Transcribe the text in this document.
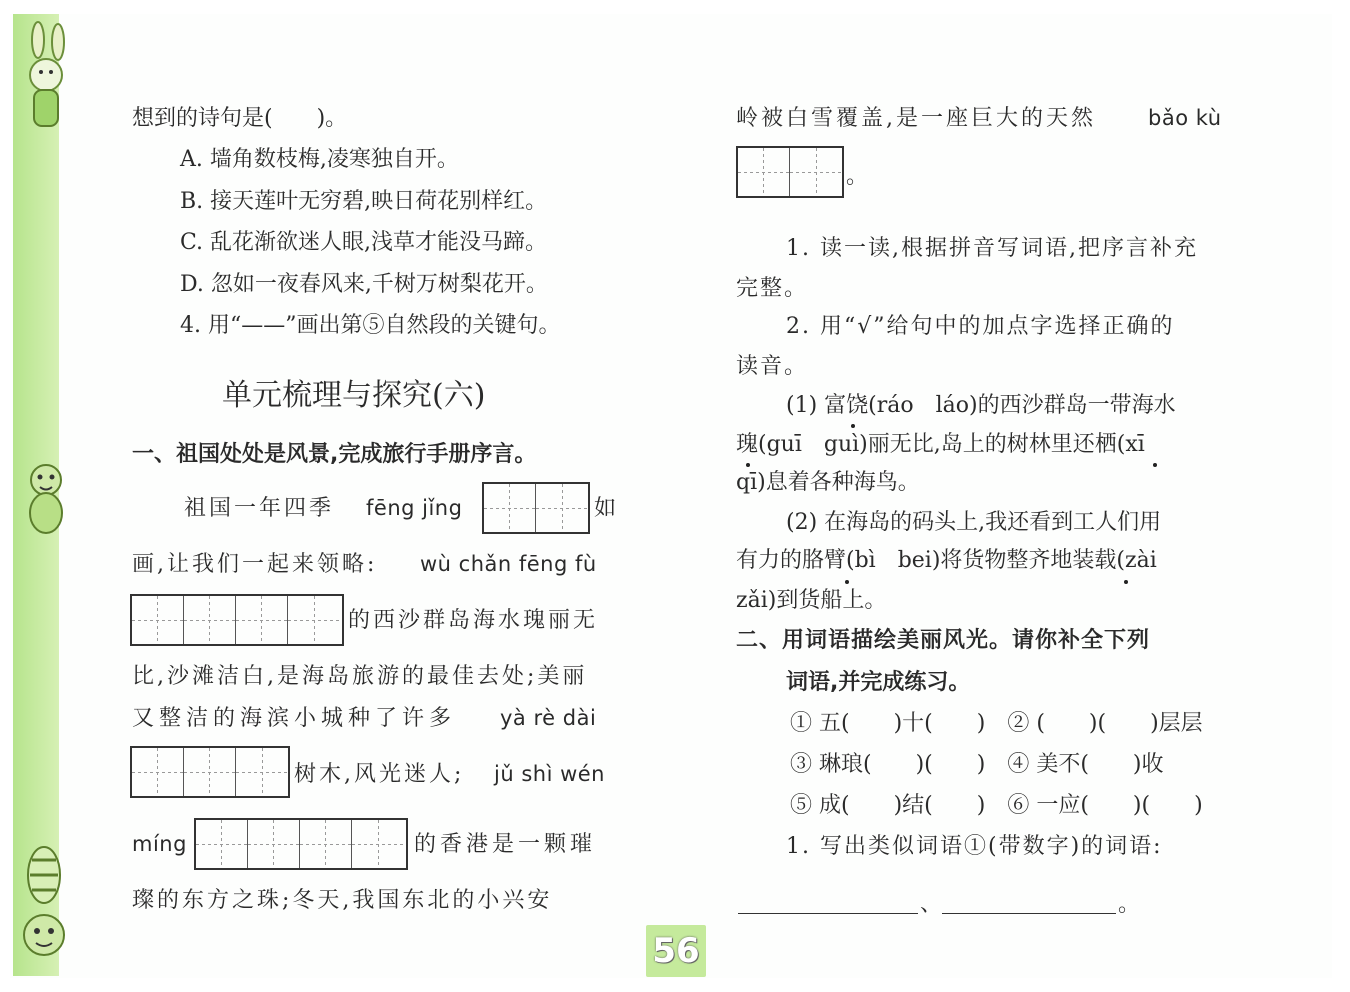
想到的诗句是(　　)。
A. 墙角数枝梅,凌寒独自开。
B. 接天莲叶无穷碧,映日荷花别样红。
C. 乱花渐欲迷人眼,浅草才能没马蹄。
D. 忽如一夜春风来,千树万树梨花开。
4. 用“——”画出第⑤自然段的关键句。
单元梳理与探究(六)
一、祖国处处是风景,完成旅行手册序言。
祖国一年四季 fēng jǐng	如
画,让我们一起来领略: wù chǎn fēng fù
的西沙群岛海水瑰丽无
比,沙滩洁白,是海岛旅游的最佳去处;美丽
又整洁的海滨小城种了许多 yà rè dài
树木,风光迷人; jǔ shì wén
míng	的香港是一颗璀
璨的东方之珠;冬天,我国东北的小兴安
岭被白雪覆盖,是一座巨大的天然 bǎo kù
。
1. 读一读,根据拼音写词语,把序言补充
完整。
2. 用“√”给句中的加点字选择正确的
读音。
(1) 富饶(ráo　láo)的西沙群岛一带海水
瑰(guī　guì)丽无比,岛上的树林里还栖(xī
qī)息着各种海鸟。
(2) 在海岛的码头上,我还看到工人们用
有力的胳臂(bì　bei)将货物整齐地装载(zài
zǎi)到货船上。
二、用词语描绘美丽风光。请你补全下列
词语,并完成练习。
① 五(　　)十(　　)　② (　　)(　　)层层
③ 琳琅(　　)(　　)　④ 美不(　　)收
⑤ 成(　　)结(　　)　⑥ 一应(　　)(　　)
1. 写出类似词语①(带数字)的词语:
、	。
56
